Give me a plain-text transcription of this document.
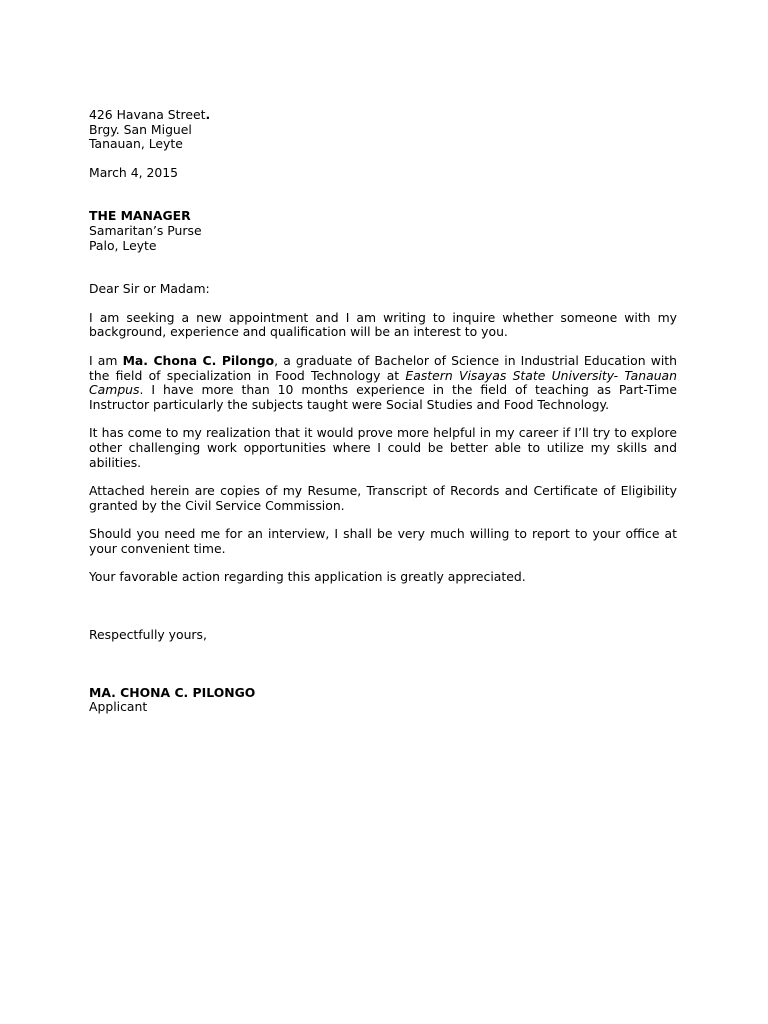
426 Havana Street.
Brgy. San Miguel
Tanauan, Leyte
March 4, 2015
THE MANAGER
Samaritan’s Purse
Palo, Leyte
Dear Sir or Madam:

I am seeking a new appointment and I am writing to inquire whether someone with my background, experience and qualification will be an interest to you.

I am Ma. Chona C. Pilongo, a graduate of Bachelor of Science in Industrial Education with the field of specialization in Food Technology at Eastern Visayas State University- Tanauan Campus. I have more than 10 months experience in the field of teaching as Part-Time Instructor particularly the subjects taught were Social Studies and Food Technology.

It has come to my realization that it would prove more helpful in my career if I’ll try to explore other challenging work opportunities where I could be better able to utilize my skills and abilities.

Attached herein are copies of my Resume, Transcript of Records and Certificate of Eligibility granted by the Civil Service Commission.

Should you need me for an interview, I shall be very much willing to report to your office at your convenient time.

Your favorable action regarding this application is greatly appreciated.

Respectfully yours,
MA. CHONA C. PILONGO
Applicant
